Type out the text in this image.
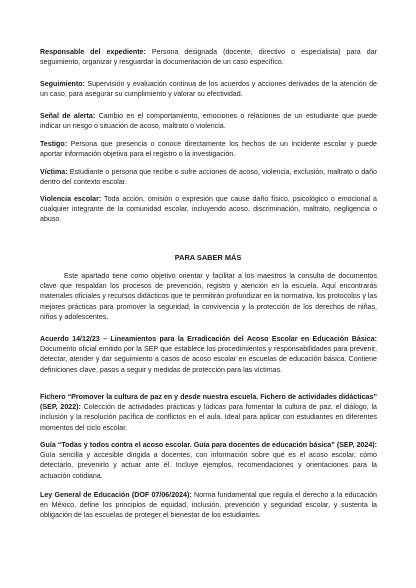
Responsable del expediente: Persona designada (docente, directivo o especialista) para dar seguimiento, organizar y resguardar la documentación de un caso específico.

Seguimiento: Supervisión y evaluación continua de los acuerdos y acciones derivados de la atención de un caso, para asegurar su cumplimiento y valorar su efectividad.

Señal de alerta: Cambio en el comportamiento, emociones o relaciones de un estudiante que puede indicar un riesgo o situación de acoso, maltrato o violencia.

Testigo: Persona que presencia o conoce directamente los hechos de un incidente escolar y puede aportar información objetiva para el registro o la investigación.

Víctima: Estudiante o persona que recibe o sufre acciones de acoso, violencia, exclusión, maltrato o daño dentro del contexto escolar.

Violencia escolar: Toda acción, omisión o expresión que cause daño físico, psicológico o emocional a cualquier integrante de la comunidad escolar, incluyendo acoso, discriminación, maltrato, negligencia o abuso.

PARA SABER MÁS

Este apartado tiene como objetivo orientar y facilitar a los maestros la consulta de documentos clave que respaldan los procesos de prevención, registro y atención en la escuela. Aquí encontrarás materiales oficiales y recursos didácticos que te permitirán profundizar en la normativa, los protocolos y las mejores prácticas para promover la seguridad, la convivencia y la protección de los derechos de niñas, niños y adolescentes.

Acuerdo 14/12/23 – Lineamientos para la Erradicación del Acoso Escolar en Educación Básica: Documento oficial emitido por la SEP que establece los procedimientos y responsabilidades para prevenir, detectar, atender y dar seguimiento a casos de acoso escolar en escuelas de educación básica. Contiene definiciones clave, pasos a seguir y medidas de protección para las víctimas.

Fichero “Promover la cultura de paz en y desde nuestra escuela. Fichero de actividades didácticas” (SEP, 2022): Colección de actividades prácticas y lúdicas para fomentar la cultura de paz, el diálogo, la inclusión y la resolución pacífica de conflictos en el aula. Ideal para aplicar con estudiantes en diferentes momentos del ciclo escolar.

Guía “Todas y todos contra el acoso escolar. Guía para docentes de educación básica” (SEP, 2024): Guía sencilla y accesible dirigida a docentes, con información sobre qué es el acoso escolar, cómo detectarlo, prevenirlo y actuar ante él. Incluye ejemplos, recomendaciones y orientaciones para la actuación cotidiana.

Ley General de Educación (DOF 07/06/2024): Norma fundamental que regula el derecho a la educación en México, define los principios de equidad, inclusión, prevención y seguridad escolar, y sustenta la obligación de las escuelas de proteger el bienestar de los estudiantes.
